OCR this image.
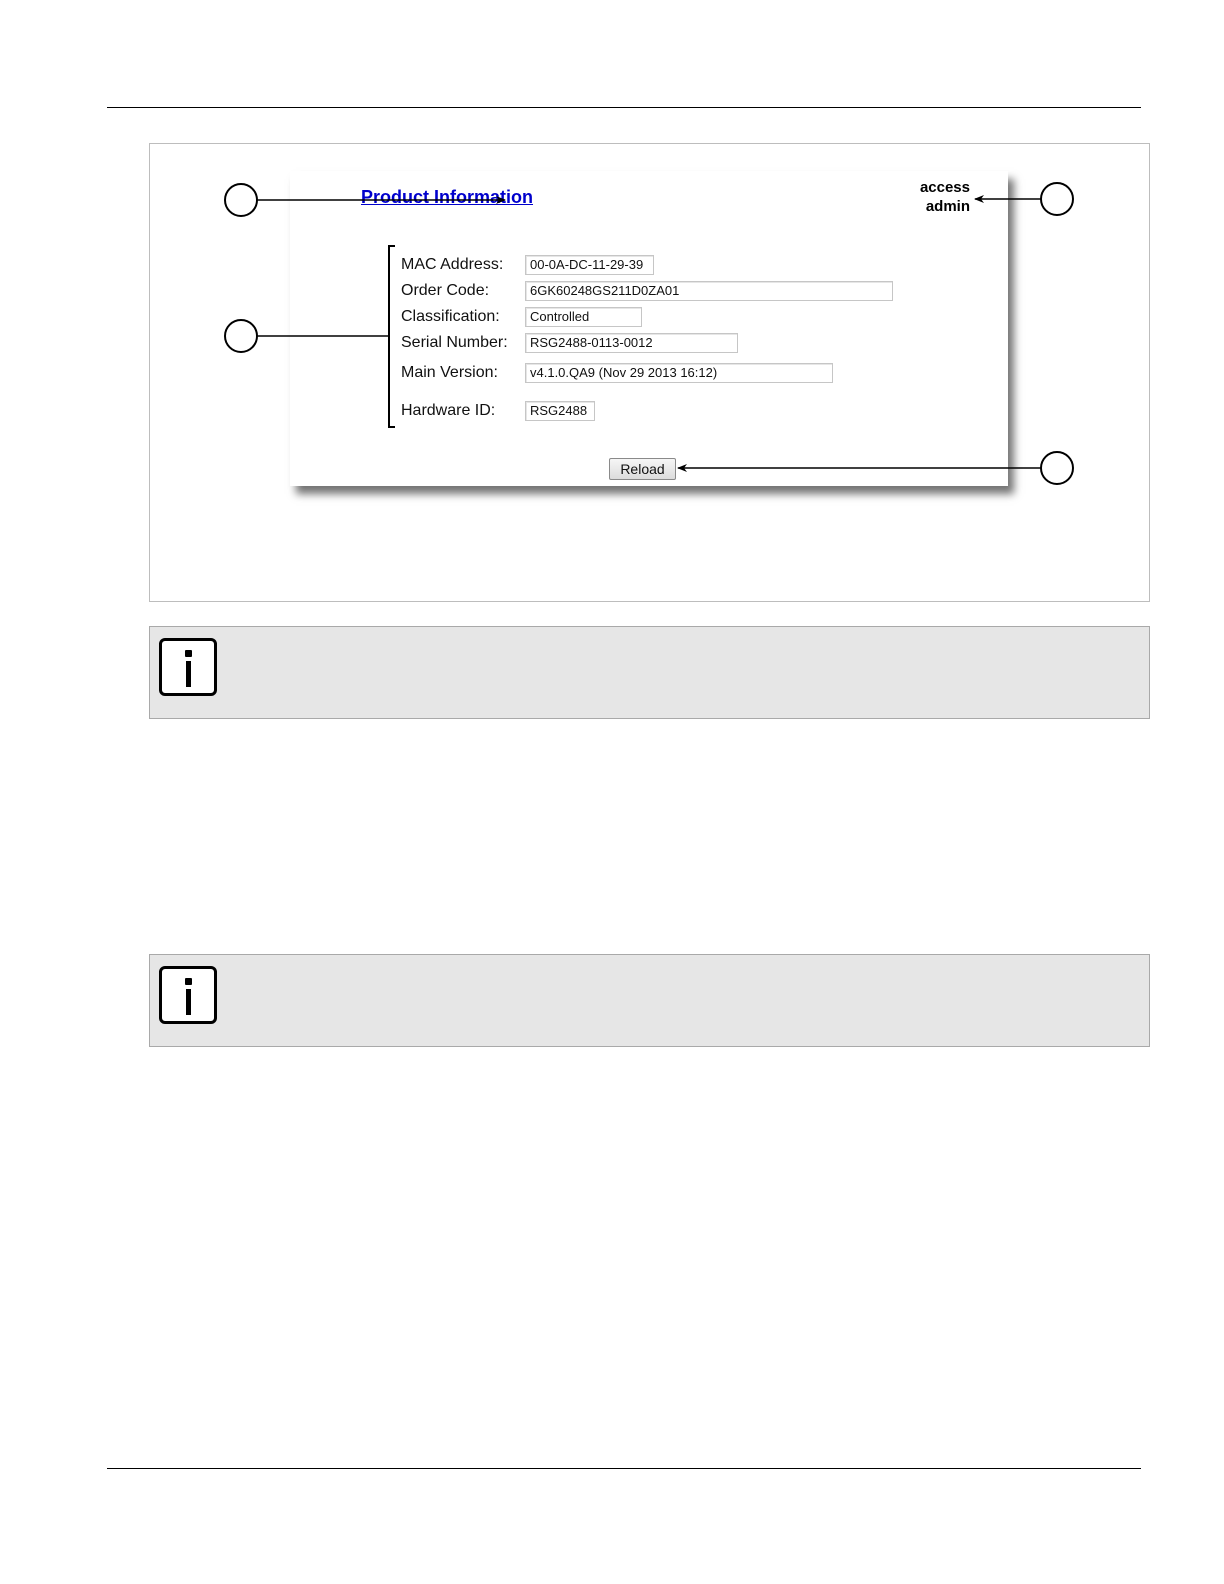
Product Information	access
admin
MAC Address:	00-0A-DC-11-29-39
Order Code:	6GK60248GS211D0ZA01
Classification:	Controlled
Serial Number:	RSG2488-0113-0012
Main Version:	v4.1.0.QA9 (Nov 29 2013 16:12)
Hardware ID:	RSG2488
Reload
